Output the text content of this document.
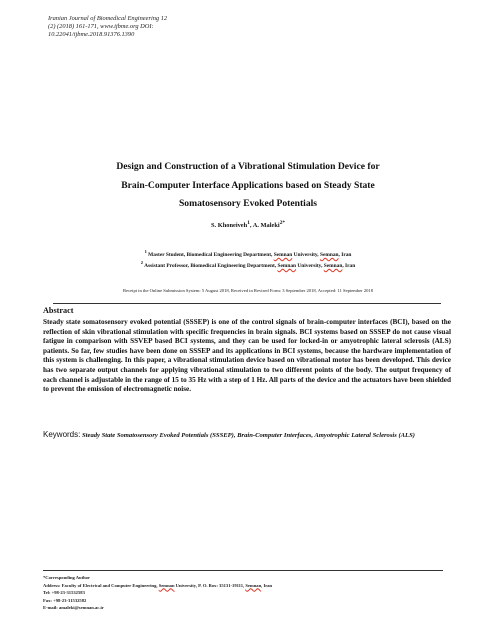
Iranian Journal of Biomedical Engineering 12
(2) (2018) 161-171, www.ijbme.org DOI:
10.22041/ijbme.2018.91376.1390
Design and Construction of a Vibrational Stimulation Device for
Brain-Computer Interface Applications based on Steady State
Somatosensory Evoked Potentials
S. Khoneiveh$^1$, A. Maleki$^{2*}$
$^1$ Master Student, Biomedical Engineering Department, Semnan University, Semnan, Iran
$^2$ Assistant Professor, Biomedical Engineering Department, Semnan University, Semnan, Iran
Receipt in the Online Submission System: 5 August 2018, Received in Revised Form: 3 September 2018, Accepted: 11 September 2018
Abstract
Steady state somatosensory evoked potential (SSSEP) is one of the control signals of brain-computer interfaces (BCI), based on the reflection of skin vibrational stimulation with specific frequencies in brain signals. BCI systems based on SSSEP do not cause visual fatigue in comparison with SSVEP based BCI systems, and they can be used for locked-in or amyotrophic lateral sclerosis (ALS) patients. So far, few studies have been done on SSSEP and its applications in BCI systems, because the hardware implementation of this system is challenging. In this paper, a vibrational stimulation device based on vibrational motor has been developed. This device has two separate output channels for applying vibrational stimulation to two different points of the body. The output frequency of each channel is adjustable in the range of 15 to 35 Hz with a step of 1 Hz. All parts of the device and the actuators have been shielded to prevent the emission of electromagnetic noise.
Keywords: Steady State Somatosensory Evoked Potentials (SSSEP), Brain-Computer Interfaces, Amyotrophic Lateral Sclerosis (ALS)
*Corresponding Author
Address: Faculty of Electrical and Computer Engineering, Semnan University, P. O. Box: 35131-19111, Semnan, Iran
Tel: +98-23-31532583
Fax: +98-23-31532582
E-mail: amaleki@semnan.ac.ir
